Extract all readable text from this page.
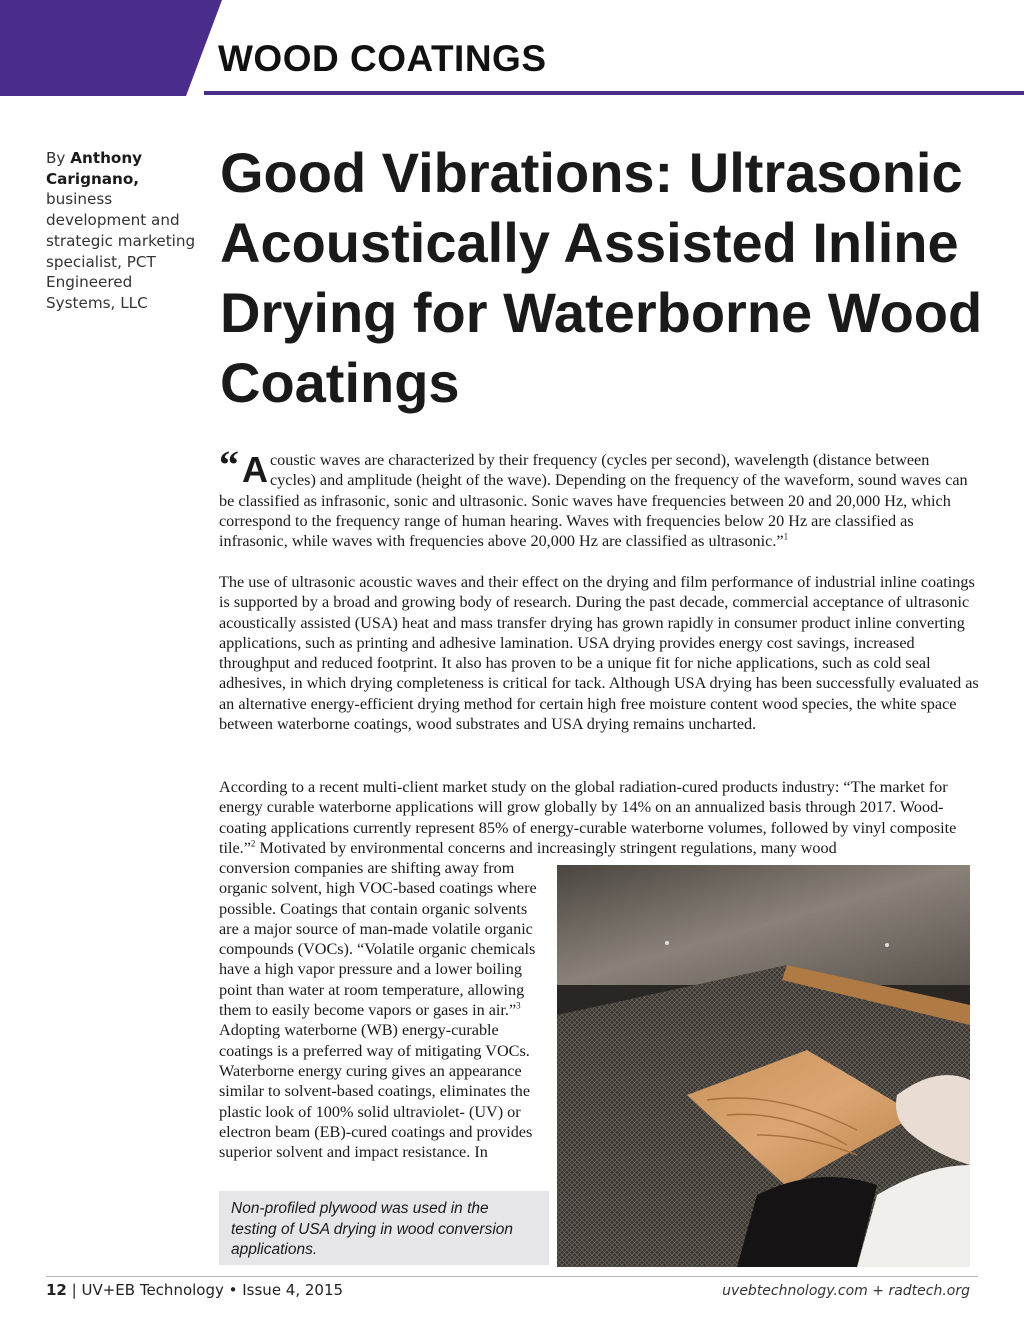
WOOD COATINGS
By Anthony Carignano, business development and strategic marketing specialist, PCT Engineered Systems, LLC
Good Vibrations: Ultrasonic Acoustically Assisted Inline Drying for Waterborne Wood Coatings

“ A coustic waves are characterized by their frequency (cycles per second), wavelength (distance between cycles) and amplitude (height of the wave). Depending on the frequency of the waveform, sound waves can be classified as infrasonic, sonic and ultrasonic. Sonic waves have frequencies between 20 and 20,000 Hz, which correspond to the frequency range of human hearing. Waves with frequencies below 20 Hz are classified as infrasonic, while waves with frequencies above 20,000 Hz are classified as ultrasonic.”$^1$

The use of ultrasonic acoustic waves and their effect on the drying and film performance of industrial inline coatings is supported by a broad and growing body of research. During the past decade, commercial acceptance of ultrasonic acoustically assisted (USA) heat and mass transfer drying has grown rapidly in consumer product inline converting applications, such as printing and adhesive lamination. USA drying provides energy cost savings, increased throughput and reduced footprint. It also has proven to be a unique fit for niche applications, such as cold seal adhesives, in which drying completeness is critical for tack. Although USA drying has been successfully evaluated as an alternative energy-efficient drying method for certain high free moisture content wood species, the white space between waterborne coatings, wood substrates and USA drying remains uncharted.

According to a recent multi-client market study on the global radiation-cured products industry: “The market for energy curable waterborne applications will grow globally by 14% on an annualized basis through 2017. Wood-coating applications currently represent 85% of energy-curable waterborne volumes, followed by vinyl composite tile.”$^2$ Motivated by environmental concerns and increasingly stringent regulations, many wood

conversion companies are shifting away from organic solvent, high VOC-based coatings where possible. Coatings that contain organic solvents are a major source of man-made volatile organic compounds (VOCs). “Volatile organic chemicals have a high vapor pressure and a lower boiling point than water at room temperature, allowing them to easily become vapors or gases in air.”$^3$ Adopting waterborne (WB) energy-curable coatings is a preferred way of mitigating VOCs. Waterborne energy curing gives an appearance similar to solvent-based coatings, eliminates the plastic look of 100% solid ultraviolet- (UV) or electron beam (EB)-cured coatings and provides superior solvent and impact resistance. In

Non-profiled plywood was used in the testing of USA drying in wood conversion applications.
12 | UV+EB Technology • Issue 4, 2015	uvebtechnology.com + radtech.org
